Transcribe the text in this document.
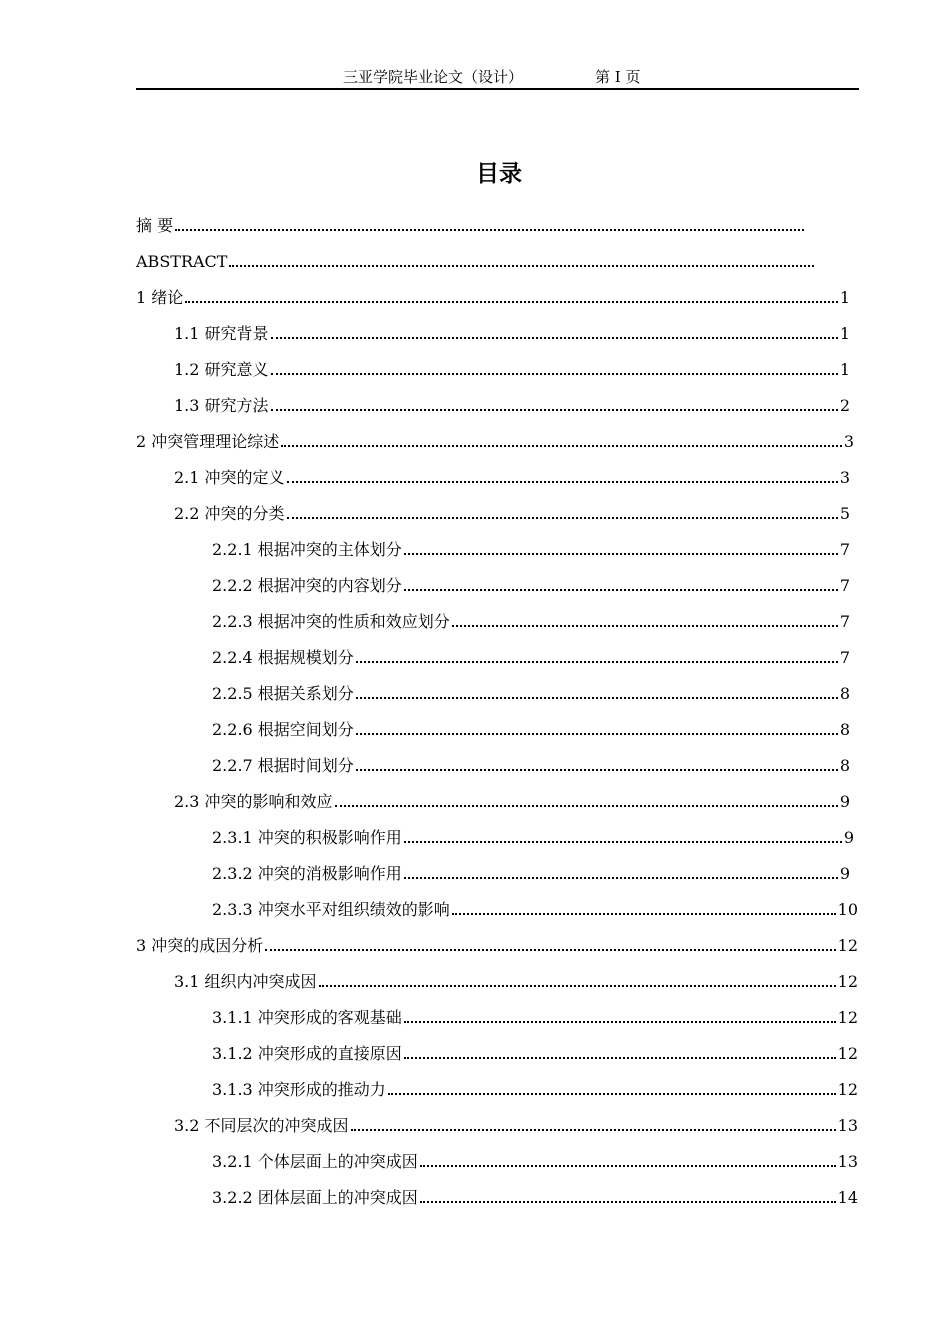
三亚学院毕业论文（设计）	第 I 页
目录
摘 要
ABSTRACT
1 绪论	1
1.1 研究背景	1
1.2 研究意义	1
1.3 研究方法	2
2 冲突管理理论综述	3
2.1 冲突的定义	3
2.2 冲突的分类	5
2.2.1 根据冲突的主体划分	7
2.2.2 根据冲突的内容划分	7
2.2.3 根据冲突的性质和效应划分	7
2.2.4 根据规模划分	7
2.2.5 根据关系划分	8
2.2.6 根据空间划分	8
2.2.7 根据时间划分	8
2.3 冲突的影响和效应	9
2.3.1 冲突的积极影响作用	9
2.3.2 冲突的消极影响作用	9
2.3.3 冲突水平对组织绩效的影响	10
3 冲突的成因分析	12
3.1 组织内冲突成因	12
3.1.1 冲突形成的客观基础	12
3.1.2 冲突形成的直接原因	12
3.1.3 冲突形成的推动力	12
3.2 不同层次的冲突成因	13
3.2.1 个体层面上的冲突成因	13
3.2.2 团体层面上的冲突成因	14
